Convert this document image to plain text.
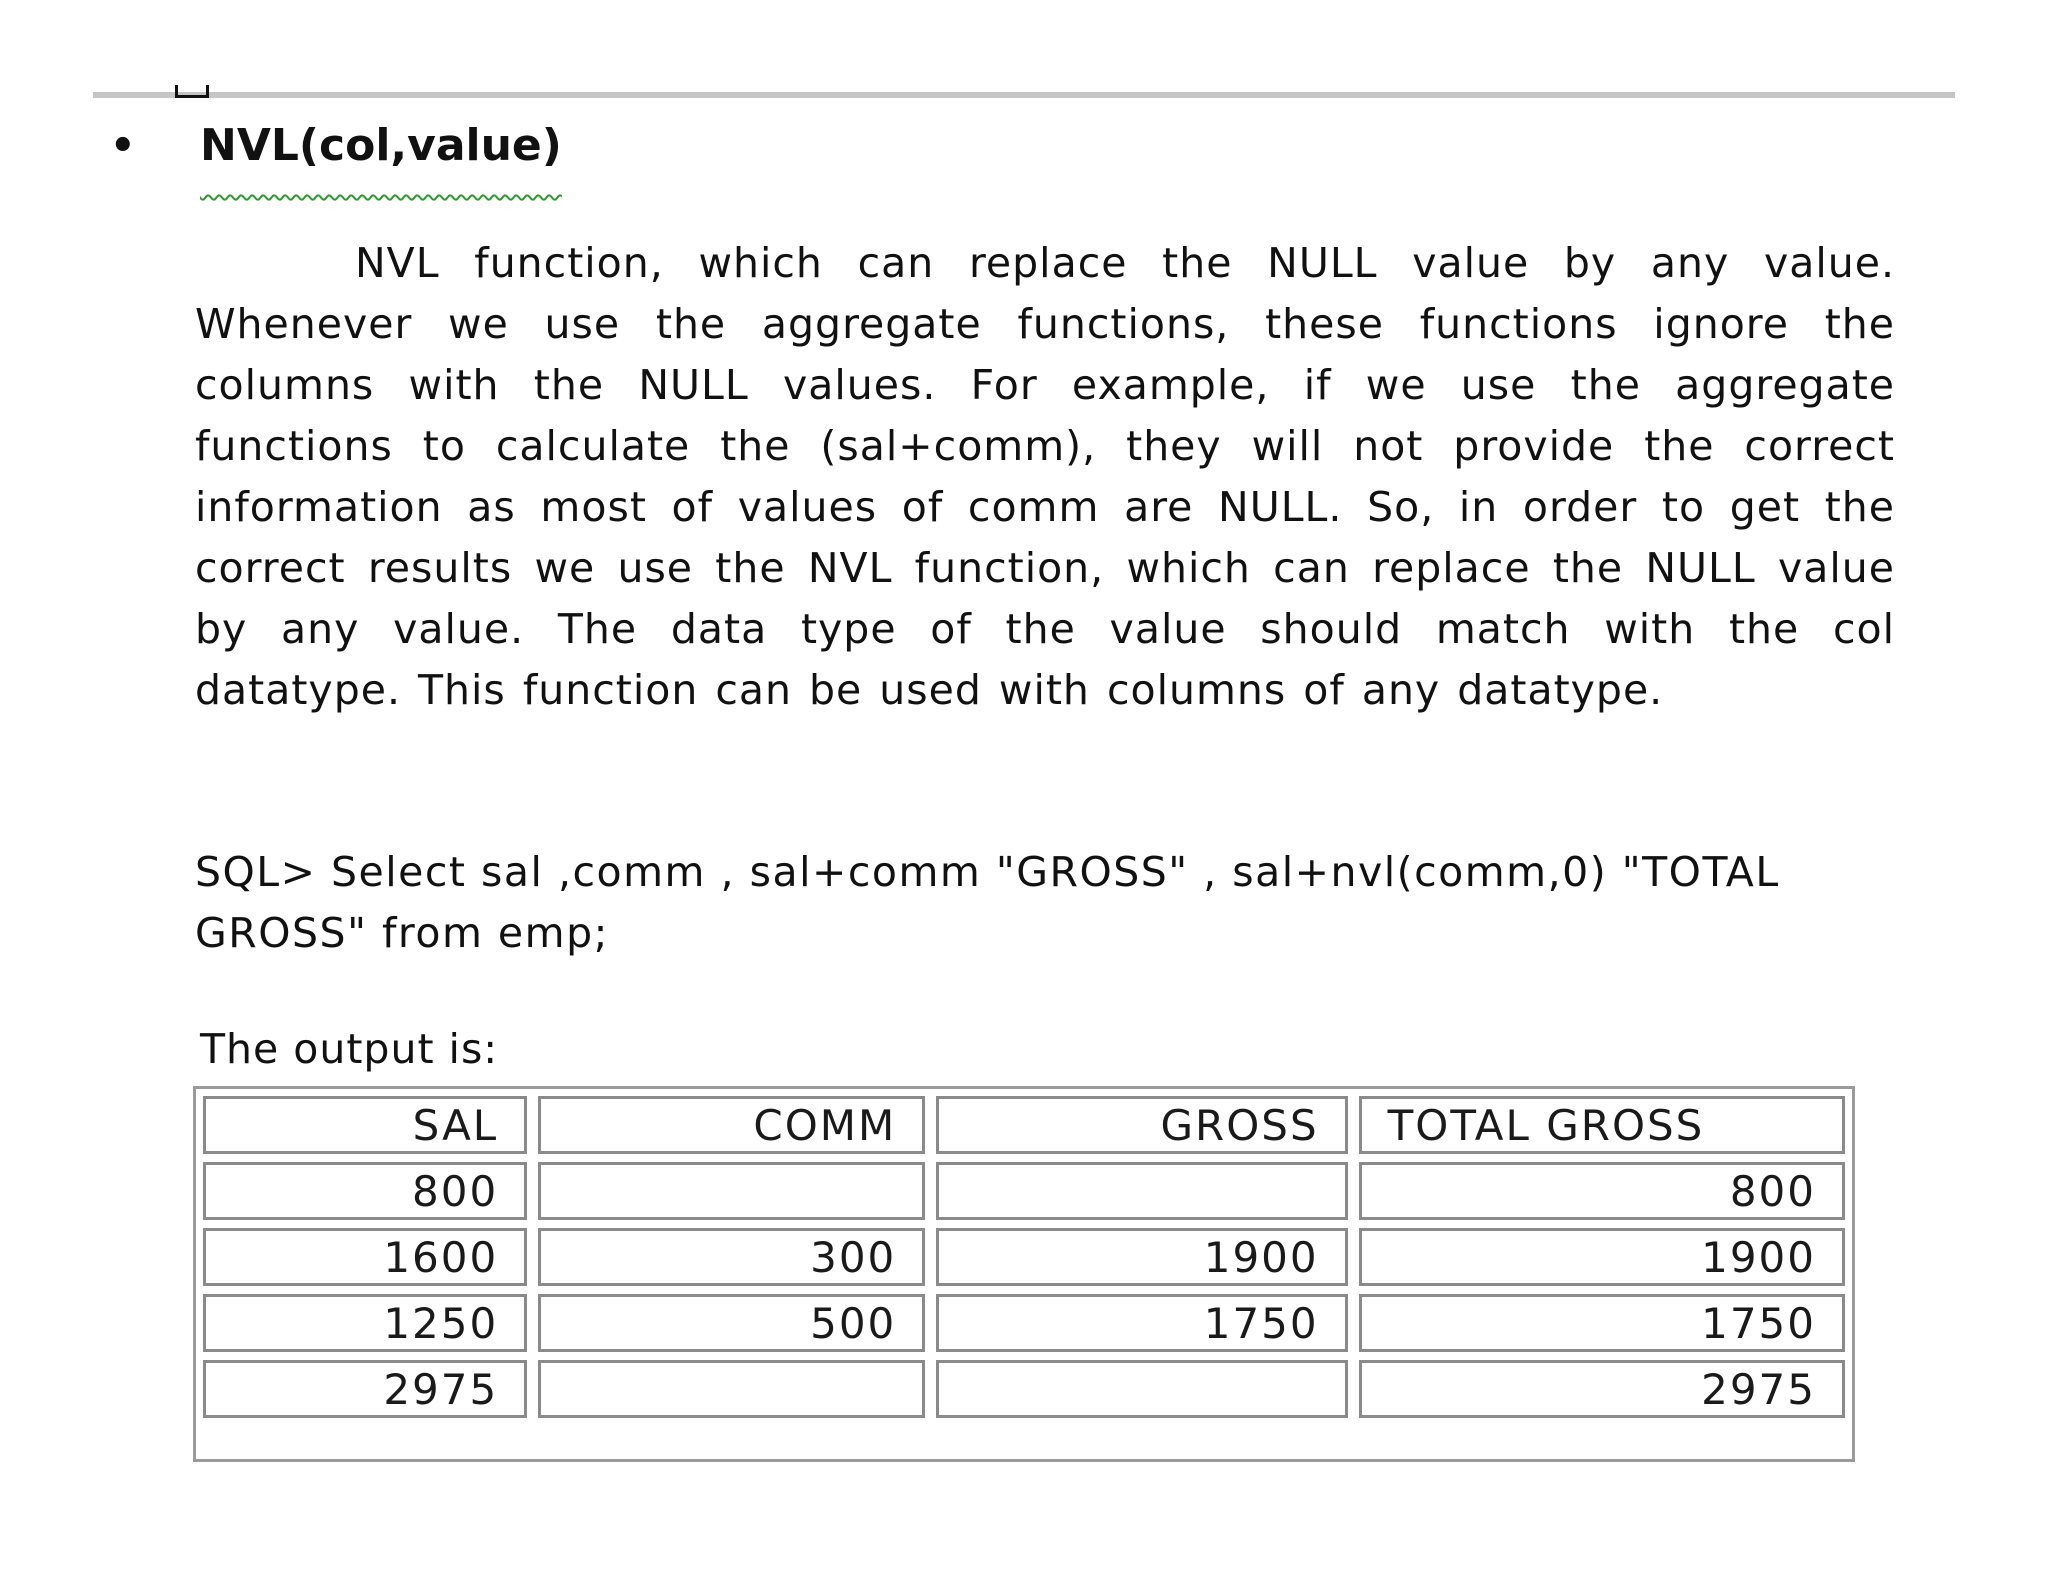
•	NVL(col,value)

NVL function, which can replace the NULL value by any value. Whenever we use the aggregate functions, these functions ignore the columns with the NULL values. For example, if we use the aggregate functions to calculate the (sal+comm), they will not provide the correct information as most of values of comm are NULL. So, in order to get the correct results we use the NVL function, which can replace the NULL value by any value. The data type of the value should match with the col datatype. This function can be used with columns of any datatype.

SQL> Select sal ,comm , sal+comm "GROSS" , sal+nvl(comm,0) "TOTAL GROSS" from emp;

The output is:
SAL	COMM	GROSS	TOTAL GROSS
800			800
1600	300	1900	1900
1250	500	1750	1750
2975			2975
